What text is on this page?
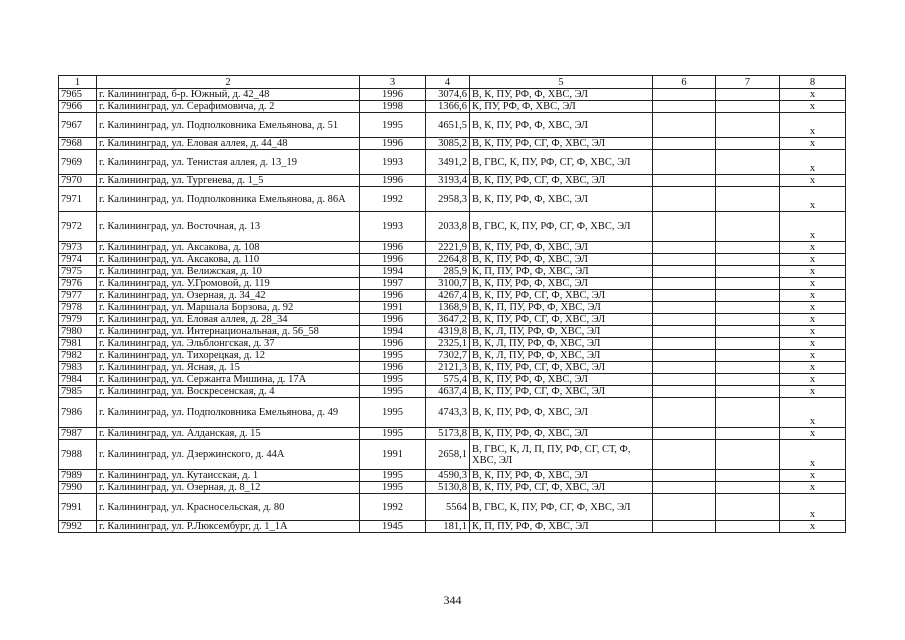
1	2	3	4	5	6	7	8
7965	г. Калининград, б-р. Южный, д. 42_48	1996	3074,6	В, К, ПУ, РФ, Ф, ХВС, ЭЛ			х
7966	г. Калининград, ул. Серафимовича, д. 2	1998	1366,6	К, ПУ, РФ, Ф, ХВС, ЭЛ			х
7967	г. Калининград, ул. Подполковника Емельянова, д. 51	1995	4651,5	В, К, ПУ, РФ, Ф, ХВС, ЭЛ			х
7968	г. Калининград, ул. Еловая аллея, д. 44_48	1996	3085,2	В, К, ПУ, РФ, СГ, Ф, ХВС, ЭЛ			х
7969	г. Калининград, ул. Тенистая аллея, д. 13_19	1993	3491,2	В, ГВС, К, ПУ, РФ, СГ, Ф, ХВС, ЭЛ			х
7970	г. Калининград, ул. Тургенева, д. 1_5	1996	3193,4	В, К, ПУ, РФ, СГ, Ф, ХВС, ЭЛ			х
7971	г. Калининград, ул. Подполковника Емельянова, д. 86А	1992	2958,3	В, К, ПУ, РФ, Ф, ХВС, ЭЛ			х
7972	г. Калининград, ул. Восточная, д. 13	1993	2033,8	В, ГВС, К, ПУ, РФ, СГ, Ф, ХВС, ЭЛ			х
7973	г. Калининград, ул. Аксакова, д. 108	1996	2221,9	В, К, ПУ, РФ, Ф, ХВС, ЭЛ			х
7974	г. Калининград, ул. Аксакова, д. 110	1996	2264,8	В, К, ПУ, РФ, Ф, ХВС, ЭЛ			х
7975	г. Калининград, ул. Велижская, д. 10	1994	285,9	К, П, ПУ, РФ, Ф, ХВС, ЭЛ			х
7976	г. Калининград, ул. У.Громовой, д. 119	1997	3100,7	В, К, ПУ, РФ, Ф, ХВС, ЭЛ			х
7977	г. Калининград, ул. Озерная, д. 34_42	1996	4267,4	В, К, ПУ, РФ, СГ, Ф, ХВС, ЭЛ			х
7978	г. Калининград, ул. Маршала Борзова, д. 92	1991	1368,9	В, К, П, ПУ, РФ, Ф, ХВС, ЭЛ			х
7979	г. Калининград, ул. Еловая аллея, д. 28_34	1996	3647,2	В, К, ПУ, РФ, СГ, Ф, ХВС, ЭЛ			х
7980	г. Калининград, ул. Интернациональная, д. 56_58	1994	4319,8	В, К, Л, ПУ, РФ, Ф, ХВС, ЭЛ			х
7981	г. Калининград, ул. Эльблонгская, д. 37	1996	2325,1	В, К, Л, ПУ, РФ, Ф, ХВС, ЭЛ			х
7982	г. Калининград, ул. Тихорецкая, д. 12	1995	7302,7	В, К, Л, ПУ, РФ, Ф, ХВС, ЭЛ			х
7983	г. Калининград, ул. Ясная, д. 15	1996	2121,3	В, К, ПУ, РФ, СГ, Ф, ХВС, ЭЛ			х
7984	г. Калининград, ул. Сержанта Мишина, д. 17А	1995	575,4	В, К, ПУ, РФ, Ф, ХВС, ЭЛ			х
7985	г. Калининград, ул. Воскресенская, д. 4	1995	4637,4	В, К, ПУ, РФ, СГ, Ф, ХВС, ЭЛ			х
7986	г. Калининград, ул. Подполковника Емельянова, д. 49	1995	4743,3	В, К, ПУ, РФ, Ф, ХВС, ЭЛ			х
7987	г. Калининград, ул. Алданская, д. 15	1995	5173,8	В, К, ПУ, РФ, Ф, ХВС, ЭЛ			х
7988	г. Калининград, ул. Дзержинского, д. 44А	1991	2658,1	В, ГВС, К, Л, П, ПУ, РФ, СГ, СТ, Ф, ХВС, ЭЛ			х
7989	г. Калининград, ул. Кутаисская, д. 1	1995	4590,3	В, К, ПУ, РФ, Ф, ХВС, ЭЛ			х
7990	г. Калининград, ул. Озерная, д. 8_12	1995	5130,8	В, К, ПУ, РФ, СГ, Ф, ХВС, ЭЛ			х
7991	г. Калининград, ул. Красносельская, д. 80	1992	5564	В, ГВС, К, ПУ, РФ, СГ, Ф, ХВС, ЭЛ			х
7992	г. Калининград, ул. Р.Люксембург, д. 1_1А	1945	181,1	К, П, ПУ, РФ, Ф, ХВС, ЭЛ			х
344
